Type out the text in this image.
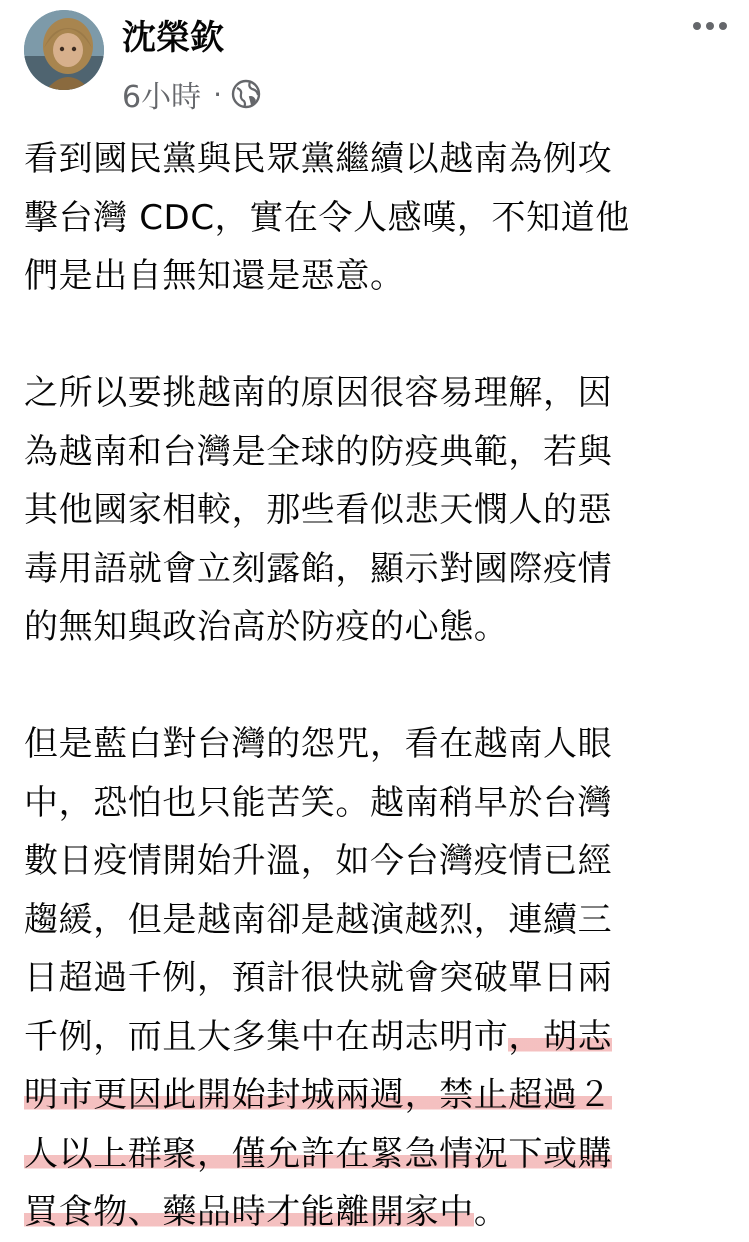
沈榮欽
6小時 ·

看到國民黨與民眾黨繼續以越南為例攻

擊台灣 CDC，實在令人感嘆，不知道他

們是出自無知還是惡意。

之所以要挑越南的原因很容易理解，因

為越南和台灣是全球的防疫典範，若與

其他國家相較，那些看似悲天憫人的惡

毒用語就會立刻露餡，顯示對國際疫情

的無知與政治高於防疫的心態。

但是藍白對台灣的怨咒，看在越南人眼

中，恐怕也只能苦笑。越南稍早於台灣

數日疫情開始升溫，如今台灣疫情已經

趨緩，但是越南卻是越演越烈，連續三

日超過千例，預計很快就會突破單日兩

千例，而且大多集中在胡志明市，胡志

明市更因此開始封城兩週，禁止超過２

人以上群聚，僅允許在緊急情況下或購

買食物、藥品時才能離開家中。
